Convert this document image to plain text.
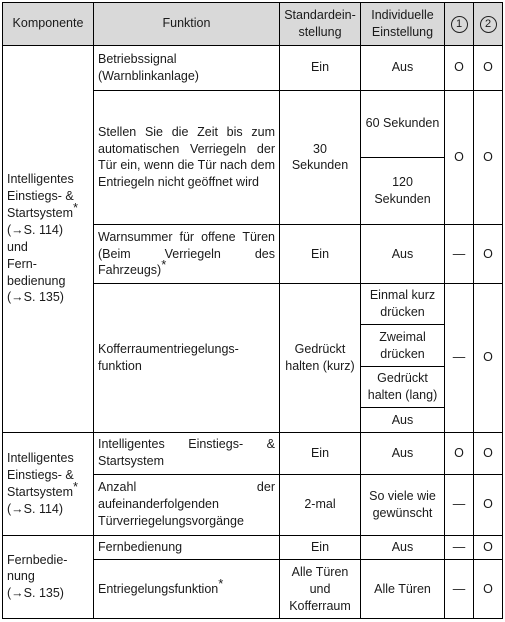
Komponente	Funktion	Standardein-stellung	Individuelle Einstellung	1	2
Intelligentes Einstiegs- & Startsystem*
(→S. 114)
und
Fern-bedienung
(→S. 135)	Betriebssignal (Warnblinkanlage)	Ein	Aus	O	O
	Stellen Sie die Zeit bis zum automatischen Verriegeln der Tür ein, wenn die Tür nach dem Entriegeln nicht geöffnet wird	30 Sekunden	60 Sekunden	O	O
			120 Sekunden		
	Warnsummer für offene Türen (Beim Verriegeln des Fahrzeugs)*	Ein	Aus	—	O
	Kofferraumentriegelungs-funktion	Gedrückt halten (kurz)	Einmal kurz drücken	—	O
			Zweimal drücken		
			Gedrückt halten (lang)		
			Aus		
Intelligentes Einstiegs- & Startsystem*
(→S. 114)	Intelligentes Einstiegs- & Startsystem	Ein	Aus	O	O
	Anzahl der aufeinanderfolgenden Türverriegelungsvorgänge	2-mal	So viele wie gewünscht	—	O
Fernbedie-nung
(→S. 135)	Fernbedienung	Ein	Aus	—	O
	Entriegelungsfunktion*	Alle Türen und Kofferraum	Alle Türen	—	O
